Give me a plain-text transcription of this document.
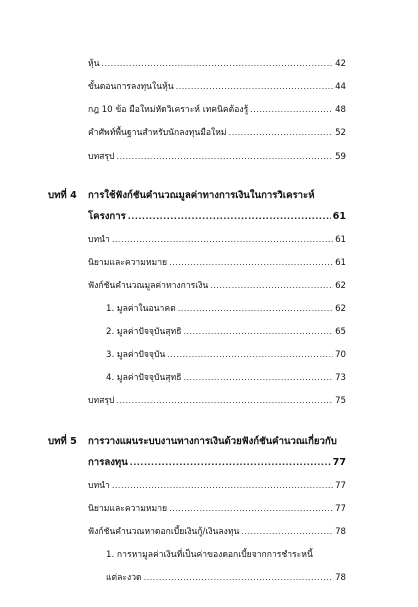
หุ้น .....	42
ขั้นตอนการลงทุนในหุ้น .....	44
กฎ 10 ข้อ มือใหม่หัดวิเคราะห์ เทคนิคต้องรู้ .....	48
คำศัพท์พื้นฐานสำหรับนักลงทุนมือใหม่ .....	52
บทสรุป .....	59
บทที่ 4 การใช้ฟังก์ชันคำนวณมูลค่าทางการเงินในการวิเคราะห์
โครงการ .....	61
บทนำ .....	61
นิยามและความหมาย .....	61
ฟังก์ชันคำนวณมูลค่าทางการเงิน .....	62
1. มูลค่าในอนาคต .....	62
2. มูลค่าปัจจุบันสุทธิ .....	65
3. มูลค่าปัจจุบัน .....	70
4. มูลค่าปัจจุบันสุทธิ .....	73
บทสรุป .....	75
บทที่ 5 การวางแผนระบบงานทางการเงินด้วยฟังก์ชันคำนวณเกี่ยวกับ
การลงทุน .....	77
บทนำ .....	77
นิยามและความหมาย .....	77
ฟังก์ชันคำนวณหาดอกเบี้ยเงินกู้/เงินลงทุน .....	78
1. การหามูลค่าเงินที่เป็นค่าของดอกเบี้ยจากการชำระหนี้
แต่ละงวด .....	78
